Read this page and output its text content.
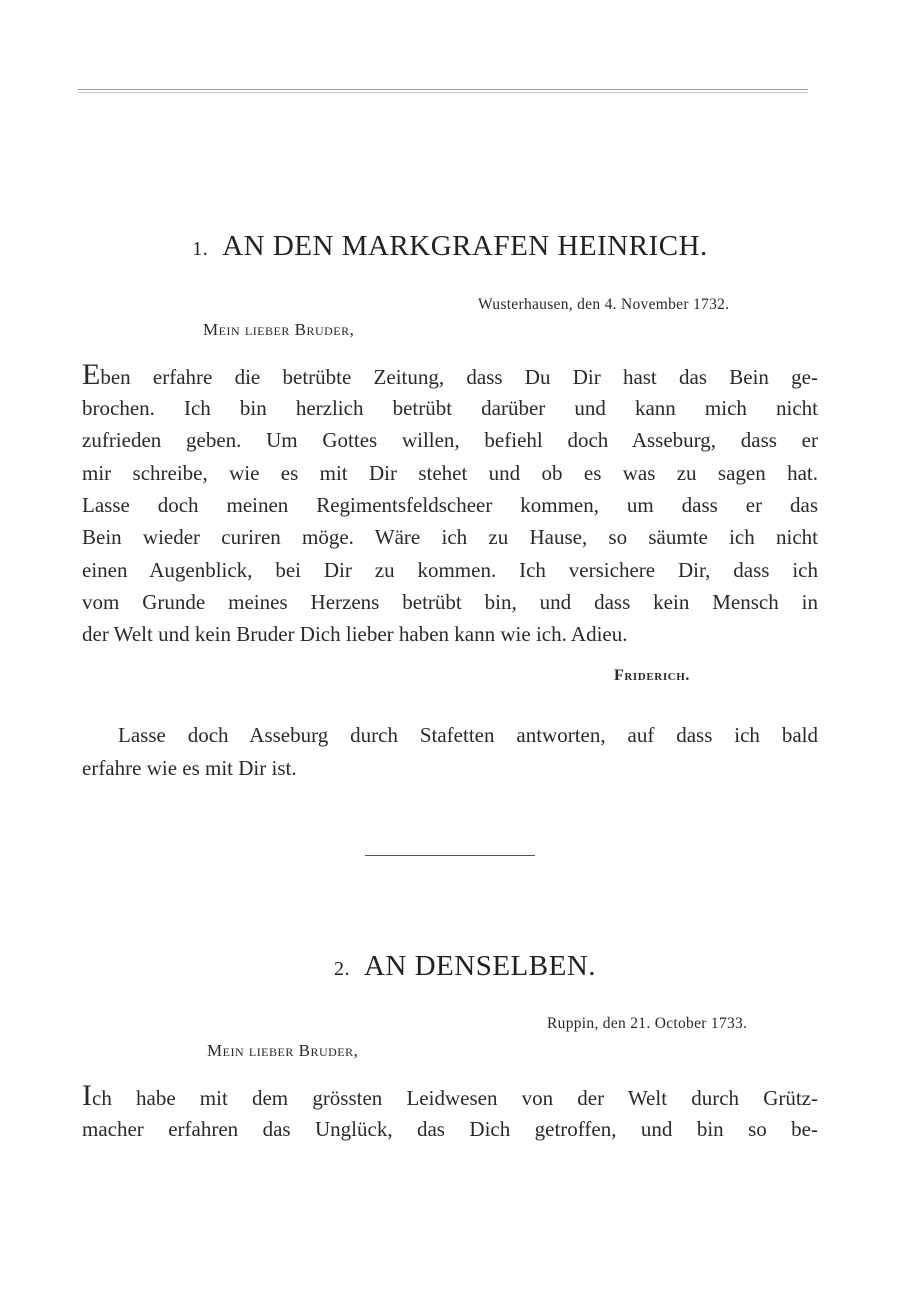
1. AN DEN MARKGRAFEN HEINRICH.
Wusterhausen, den 4. November 1732.
Mein lieber Bruder,
Eben erfahre die betrübte Zeitung, dass Du Dir hast das Bein ge-
brochen. Ich bin herzlich betrübt darüber und kann mich nicht
zufrieden geben. Um Gottes willen, befiehl doch Asseburg, dass er
mir schreibe, wie es mit Dir stehet und ob es was zu sagen hat.
Lasse doch meinen Regimentsfeldscheer kommen, um dass er das
Bein wieder curiren möge. Wäre ich zu Hause, so säumte ich nicht
einen Augenblick, bei Dir zu kommen. Ich versichere Dir, dass ich
vom Grunde meines Herzens betrübt bin, und dass kein Mensch in
der Welt und kein Bruder Dich lieber haben kann wie ich. Adieu.
Friderich.
Lasse doch Asseburg durch Stafetten antworten, auf dass ich bald
erfahre wie es mit Dir ist.
2. AN DENSELBEN.
Ruppin, den 21. October 1733.
Mein lieber Bruder,
Ich habe mit dem grössten Leidwesen von der Welt durch Grütz-
macher erfahren das Unglück, das Dich getroffen, und bin so be-
